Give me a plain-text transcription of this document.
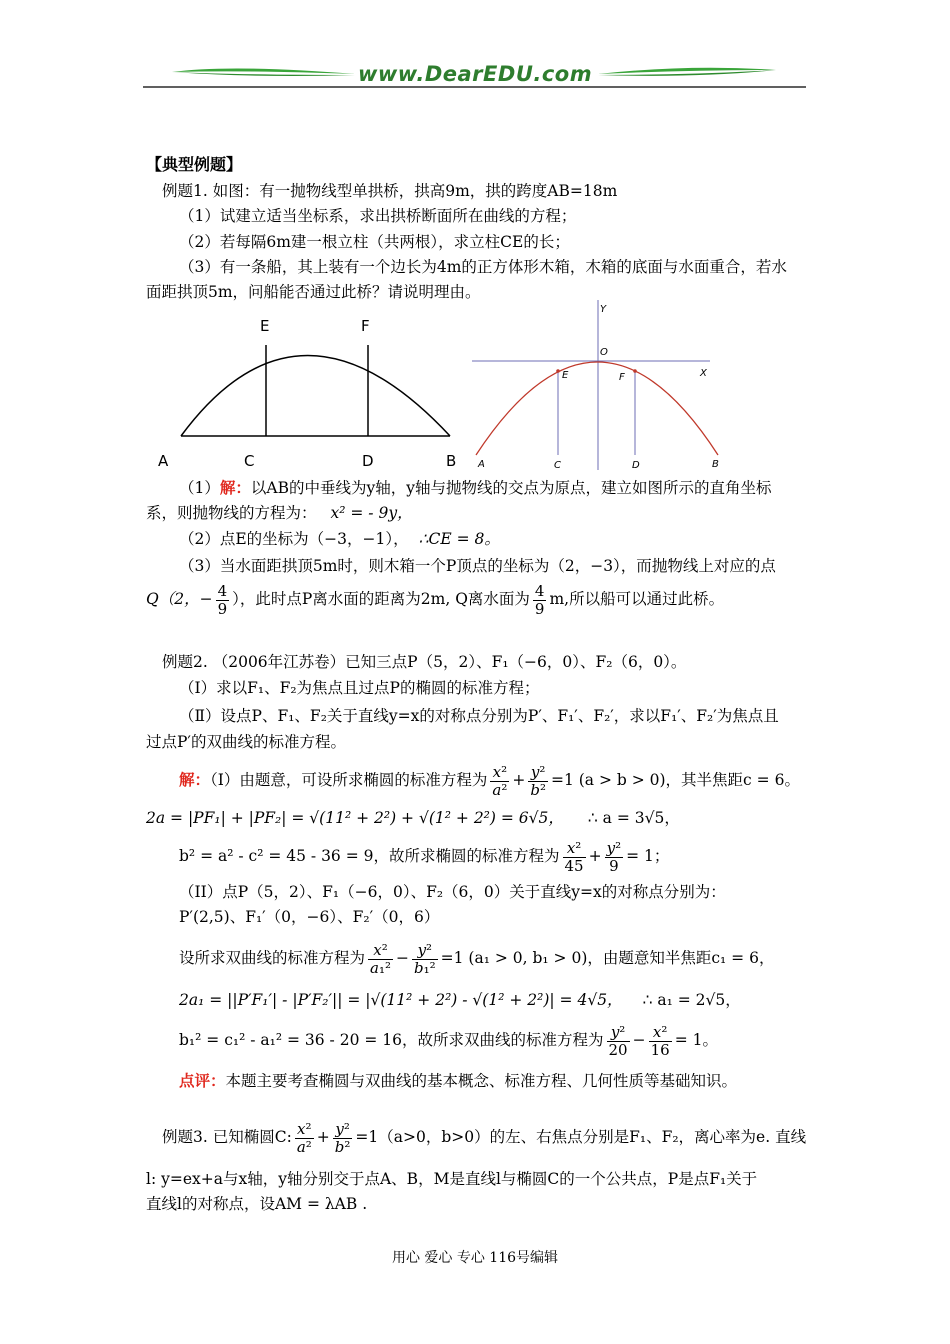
www.DearEDU.com
【典型例题】
例题1. 如图：有一抛物线型单拱桥，拱高9m，拱的跨度AB=18m
（1）试建立适当坐标系，求出拱桥断面所在曲线的方程；
（2）若每隔6m建一根立柱（共两根），求立柱CE的长；
（3）有一条船，其上装有一个边长为4m的正方体形木箱，木箱的底面与水面重合，若水
面距拱顶5m，问船能否通过此桥？请说明理由。
A	C	D	B
E	F
Y
O
X
E	F
A	C	D	B
（1）解：以AB的中垂线为y轴，y轴与抛物线的交点为原点，建立如图所示的直角坐标
系，则抛物线的方程为： x² = - 9y，
（2）点E的坐标为（−3，−1）， ∴CE = 8。
（3）当水面距拱顶5m时，则木箱一个P顶点的坐标为（2，−3），而抛物线上对应的点
Q（2，− $\frac{4}{9}$ ），此时点P离水面的距离为2m, Q离水面为 $\frac{4}{9} m$,所以船可以通过此桥。
例题2. （2006年江苏卷）已知三点P（5，2）、F₁（−6，0）、F₂（6，0）。
（Ⅰ）求以F₁、F₂为焦点且过点P的椭圆的标准方程；
（Ⅱ）设点P、F₁、F₂关于直线y=x的对称点分别为P′、F₁′、F₂′，求以F₁′、F₂′为焦点且
过点P′的双曲线的标准方程。
解：（I）由题意，可设所求椭圆的标准方程为 $\frac{\text{x²}}{\text{a²}} + \frac{\text{y²}}{\text{b²}} =1$ (a > b > 0)，其半焦距c = 6。
2a = |PF₁| + |PF₂| = √(11² + 2²) + √(1² + 2²) = 6√5， ∴ a = 3√5，
b² = a² - c² = 45 - 36 = 9，故所求椭圆的标准方程为 $\frac{\text{x²}}{45} + \frac{\text{y²}}{9} = 1$；
（II）点P（5，2）、F₁（−6，0）、F₂（6，0）关于直线y=x的对称点分别为：
P′(2,5)、F₁′（0，−6）、F₂′（0，6）
设所求双曲线的标准方程为 $\frac{\text{x²}}{\text{a₁²}} - \frac{\text{y²}}{\text{b₁²}} =1$ (a₁ > 0, b₁ > 0)，由题意知半焦距c₁ = 6，
2a₁ = ||P′F₁′| - |P′F₂′|| = |√(11² + 2²) - √(1² + 2²)| = 4√5， ∴ a₁ = 2√5，
b₁² = c₁² - a₁² = 36 - 20 = 16，故所求双曲线的标准方程为 $\frac{\text{y²}}{20} - \frac{\text{x²}}{16} = 1$。
点评：本题主要考查椭圆与双曲线的基本概念、标准方程、几何性质等基础知识。
例题3. 已知椭圆C: $\frac{\text{x²}}{\text{a²}} + \frac{\text{y²}}{\text{b²}} =1(a>0$，b>0）的左、右焦点分别是F₁、F₂，离心率为e. 直线
l: y=ex+a与x轴，y轴分别交于点A、B，M是直线l与椭圆C的一个公共点，P是点F₁关于
直线l的对称点，设AM = λAB .
用心 爱心 专心 116号编辑
